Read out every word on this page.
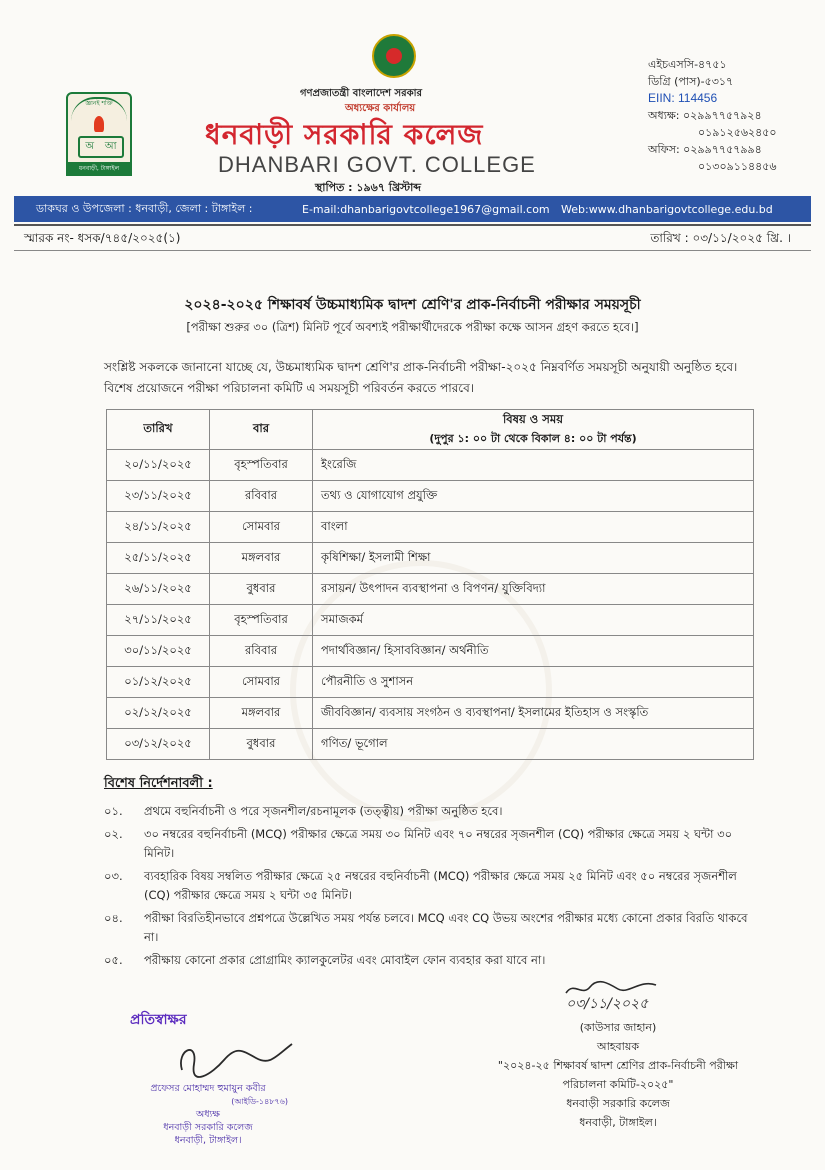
গণপ্রজাতন্ত্রী বাংলাদেশ সরকার
অধ্যক্ষের কার্যালয়
ধনবাড়ী সরকারি কলেজ
DHANBARI GOVT. COLLEGE
স্থাপিত : ১৯৬৭ খ্রিস্টাব্দ
জ্ঞানই শক্তি
অ আ
ধনবাড়ী, টাঙ্গাইল
এইচএসসি-৪৭৫১
ডিগ্রি (পাস)-৫৩১৭
EIIN: 114456
অধ্যক্ষ: ০২৯৯৭৭৫৭৯২৪
০১৯১২৫৬২৪৫০
অফিস: ০২৯৯৭৭৫৭৯৯৪
০১৩০৯১১৪৪৫৬
ডাকঘর ও উপজেলা : ধনবাড়ী, জেলা : টাঙ্গাইল :	E-mail:dhanbarigovtcollege1967@gmail.com Web:www.dhanbarigovtcollege.edu.bd
স্মারক নং- ধসক/৭৪৫/২০২৫(১)	তারিখ : ০৩/১১/২০২৫ খ্রি. ।
২০২৪-২০২৫ শিক্ষাবর্ষ উচ্চমাধ্যমিক দ্বাদশ শ্রেণি'র প্রাক-নির্বাচনী পরীক্ষার সময়সূচী
[পরীক্ষা শুরুর ৩০ (ত্রিশ) মিনিট পূর্বে অবশ্যই পরীক্ষার্থীদেরকে পরীক্ষা কক্ষে আসন গ্রহণ করতে হবে।]
সংশ্লিষ্ট সকলকে জানানো যাচ্ছে যে, উচ্চমাধ্যমিক দ্বাদশ শ্রেণি'র প্রাক-নির্বাচনী পরীক্ষা-২০২৫ নিম্নবর্ণিত সময়সূচী অনুযায়ী অনুষ্ঠিত হবে। বিশেষ প্রয়োজনে পরীক্ষা পরিচালনা কমিটি এ সময়সূচী পরিবর্তন করতে পারবে।
তারিখ	বার	বিষয় ও সময়
(দুপুর ১: ০০ টা থেকে বিকাল ৪: ০০ টা পর্যন্ত)

২০/১১/২০২৫	বৃহস্পতিবার	ইংরেজি
২৩/১১/২০২৫	রবিবার	তথ্য ও যোগাযোগ প্রযুক্তি
২৪/১১/২০২৫	সোমবার	বাংলা
২৫/১১/২০২৫	মঙ্গলবার	কৃষিশিক্ষা/ ইসলামী শিক্ষা
২৬/১১/২০২৫	বুধবার	রসায়ন/ উৎপাদন ব্যবস্থাপনা ও বিপণন/ যুক্তিবিদ্যা
২৭/১১/২০২৫	বৃহস্পতিবার	সমাজকর্ম
৩০/১১/২০২৫	রবিবার	পদার্থবিজ্ঞান/ হিসাববিজ্ঞান/ অর্থনীতি
০১/১২/২০২৫	সোমবার	পৌরনীতি ও সুশাসন
০২/১২/২০২৫	মঙ্গলবার	জীববিজ্ঞান/ ব্যবসায় সংগঠন ও ব্যবস্থাপনা/ ইসলামের ইতিহাস ও সংস্কৃতি
০৩/১২/২০২৫	বুধবার	গণিত/ ভূগোল
বিশেষ নির্দেশনাবলী :
০১. প্রথমে বহুনির্বাচনী ও পরে সৃজনশীল/রচনামূলক (তত্ত্বীয়) পরীক্ষা অনুষ্ঠিত হবে।
০২. ৩০ নম্বরের বহুনির্বাচনী (MCQ) পরীক্ষার ক্ষেত্রে সময় ৩০ মিনিট এবং ৭০ নম্বরের সৃজনশীল (CQ) পরীক্ষার ক্ষেত্রে সময় ২ ঘন্টা ৩০ মিনিট।
০৩. ব্যবহারিক বিষয় সম্বলিত পরীক্ষার ক্ষেত্রে ২৫ নম্বরের বহুনির্বাচনী (MCQ) পরীক্ষার ক্ষেত্রে সময় ২৫ মিনিট এবং ৫০ নম্বরের সৃজনশীল (CQ) পরীক্ষার ক্ষেত্রে সময় ২ ঘন্টা ৩৫ মিনিট।
০৪. পরীক্ষা বিরতিহীনভাবে প্রশ্নপত্রে উল্লেখিত সময় পর্যন্ত চলবে। MCQ এবং CQ উভয় অংশের পরীক্ষার মধ্যে কোনো প্রকার বিরতি থাকবে না।
০৫. পরীক্ষায় কোনো প্রকার প্রোগ্রামিং ক্যালকুলেটর এবং মোবাইল ফোন ব্যবহার করা যাবে না।
০৩/১১/২০২৫
(কাউসার জাহান)
আহবায়ক
"২০২৪-২৫ শিক্ষাবর্ষ দ্বাদশ শ্রেণির প্রাক-নির্বাচনী পরীক্ষা পরিচালনা কমিটি-২০২৫"
ধনবাড়ী সরকারি কলেজ
ধনবাড়ী, টাঙ্গাইল।
প্রতিস্বাক্ষর
প্রফেসর মোহাম্মদ হুমায়ুন কবীর
(আইডি-১৪৮৭৬)
অধ্যক্ষ
ধনবাড়ী সরকারি কলেজ
ধনবাড়ী, টাঙ্গাইল।
